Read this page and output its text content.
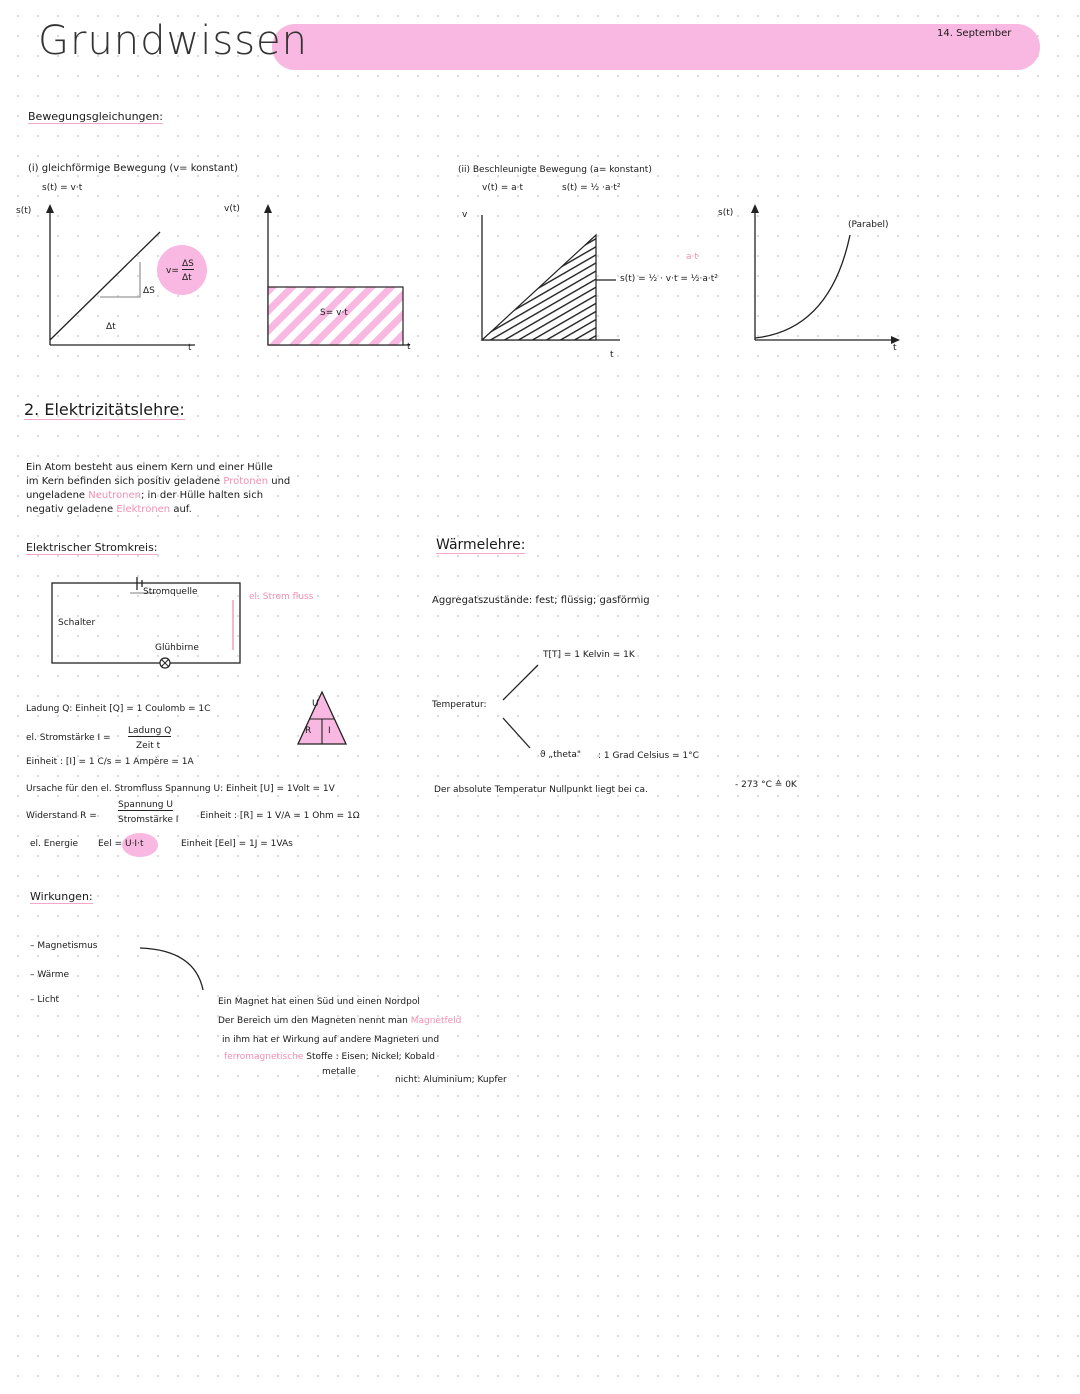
Grundwissen	14. September
Bewegungsgleichungen:
(i) gleichförmige Bewegung (v= konstant)
s(t) = v·t
s(t)	v(t)
ΔS
Δt
v=
ΔS
Δt
t
S= v·t
t
(ii) Beschleunigte Bewegung (a= konstant)
v(t) = a·t	s(t) = ½ ·a·t²
v
a·t
s(t) = ½ · v·t = ½·a·t²
t
s(t)
(Parabel)
t
2. Elektrizitätslehre:
Ein Atom besteht aus einem Kern und einer Hülle
im Kern befinden sich positiv geladene Protonen und
ungeladene Neutronen; in der Hülle halten sich
negativ geladene Elektronen auf.
Elektrischer Stromkreis:
Stromquelle
Schalter
Glühbirne
el. Strom fluss
Ladung Q: Einheit [Q] = 1 Coulomb = 1C	U
R I
el. Stromstärke I =
Ladung Q
Zeit t
Einheit : [I] = 1 C/s = 1 Ampère = 1A
Ursache für den el. Stromfluss Spannung U: Einheit [U] = 1Volt = 1V
Widerstand R =
Spannung U
Stromstärke I Einheit : [R] = 1 V/A = 1 Ohm = 1Ω
el. Energie Eel = U·I·t	Einheit [Eel] = 1J = 1VAs
Wärmelehre:
Aggregatszustände: fest; flüssig; gasförmig
T[T] = 1 Kelvin = 1K
Temperatur:
ϑ „theta" : 1 Grad Celsius = 1°C
Der absolute Temperatur Nullpunkt liegt bei ca.	- 273 °C ≙ 0K
Wirkungen:
– Magnetismus
– Wärme
– Licht	Ein Magnet hat einen Süd und einen Nordpol
Der Bereich um den Magneten nennt man Magnetfeld
in ihm hat er Wirkung auf andere Magneten und
ferromagnetische Stoffe : Eisen; Nickel; Kobald
metalle
nicht: Aluminium; Kupfer
